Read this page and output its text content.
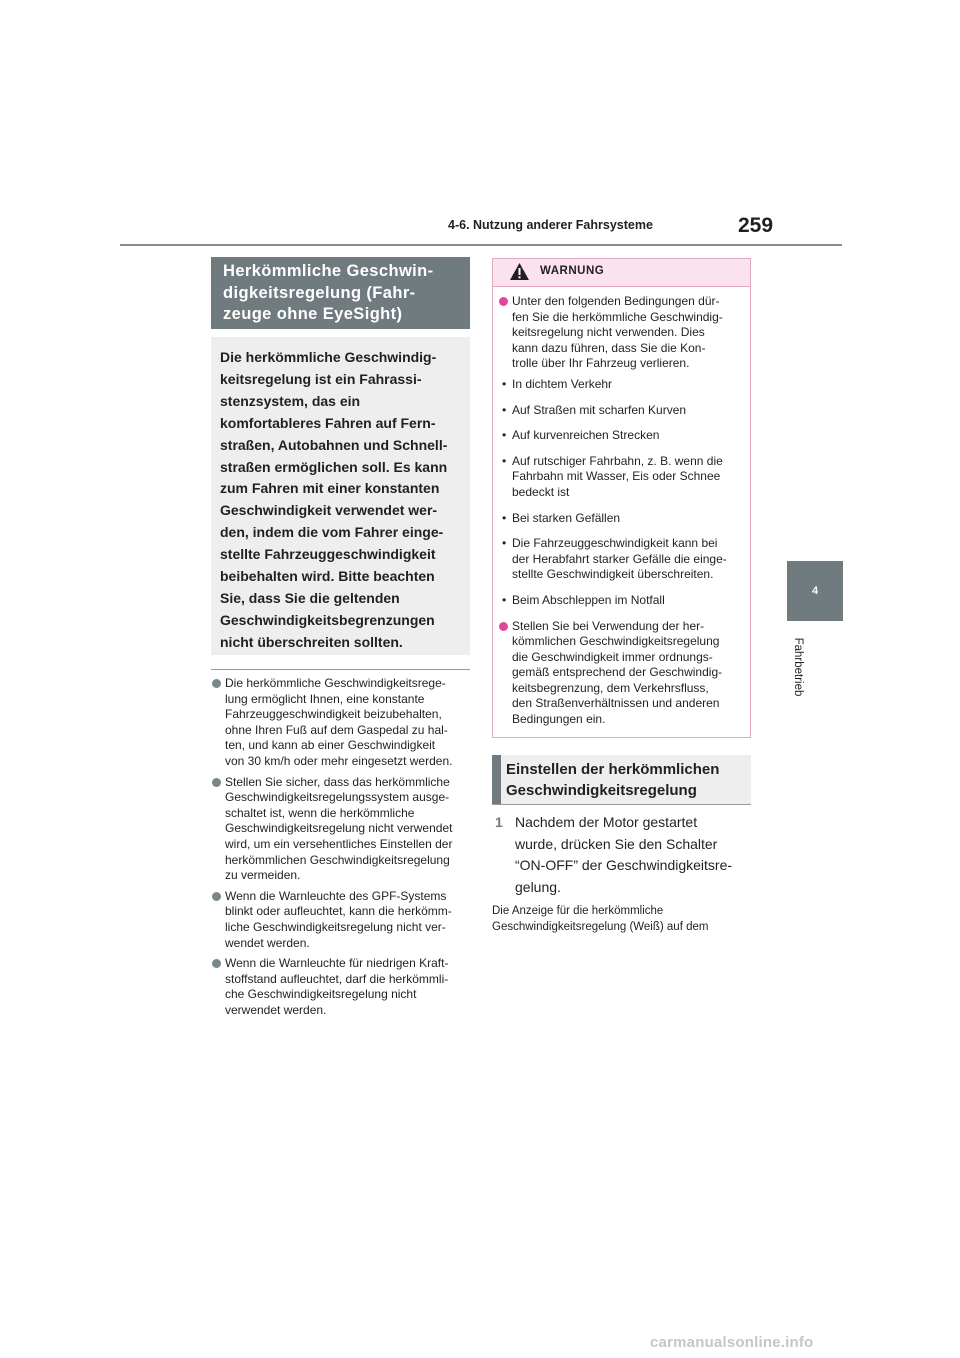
4-6. Nutzung anderer Fahrsysteme	259
4
Fahrbetrieb
Herkömmliche Geschwin-
digkeitsregelung (Fahr-
zeuge ohne EyeSight)
Die herkömmliche Geschwindig-
keitsregelung ist ein Fahrassi-
stenzsystem, das ein
komfortableres Fahren auf Fern-
straßen, Autobahnen und Schnell-
straßen ermöglichen soll. Es kann
zum Fahren mit einer konstanten
Geschwindigkeit verwendet wer-
den, indem die vom Fahrer einge-
stellte Fahrzeuggeschwindigkeit
beibehalten wird. Bitte beachten
Sie, dass Sie die geltenden
Geschwindigkeitsbegrenzungen
nicht überschreiten sollten.
Die herkömmliche Geschwindigkeitsrege-
lung ermöglicht Ihnen, eine konstante
Fahrzeuggeschwindigkeit beizubehalten,
ohne Ihren Fuß auf dem Gaspedal zu hal-
ten, und kann ab einer Geschwindigkeit
von 30 km/h oder mehr eingesetzt werden.
Stellen Sie sicher, dass das herkömmliche
Geschwindigkeitsregelungssystem ausge-
schaltet ist, wenn die herkömmliche
Geschwindigkeitsregelung nicht verwendet
wird, um ein versehentliches Einstellen der
herkömmlichen Geschwindigkeitsregelung
zu vermeiden.
Wenn die Warnleuchte des GPF-Systems
blinkt oder aufleuchtet, kann die herkömm-
liche Geschwindigkeitsregelung nicht ver-
wendet werden.
Wenn die Warnleuchte für niedrigen Kraft-
stoffstand aufleuchtet, darf die herkömmli-
che Geschwindigkeitsregelung nicht
verwendet werden.
WARNUNG
Unter den folgenden Bedingungen dür-
fen Sie die herkömmliche Geschwindig-
keitsregelung nicht verwenden. Dies
kann dazu führen, dass Sie die Kon-
trolle über Ihr Fahrzeug verlieren.
• In dichtem Verkehr
• Auf Straßen mit scharfen Kurven
• Auf kurvenreichen Strecken
• Auf rutschiger Fahrbahn, z. B. wenn die
Fahrbahn mit Wasser, Eis oder Schnee
bedeckt ist
• Bei starken Gefällen
• Die Fahrzeuggeschwindigkeit kann bei
der Herabfahrt starker Gefälle die einge-
stellte Geschwindigkeit überschreiten.
• Beim Abschleppen im Notfall
Stellen Sie bei Verwendung der her-
kömmlichen Geschwindigkeitsregelung
die Geschwindigkeit immer ordnungs-
gemäß entsprechend der Geschwindig-
keitsbegrenzung, dem Verkehrsfluss,
den Straßenverhältnissen und anderen
Bedingungen ein.
Einstellen der herkömmlichen
Geschwindigkeitsregelung
1 Nachdem der Motor gestartet
wurde, drücken Sie den Schalter
“ON-OFF” der Geschwindigkeitsre-
gelung.
Die Anzeige für die herkömmliche
Geschwindigkeitsregelung (Weiß) auf dem
carmanualsonline.info
